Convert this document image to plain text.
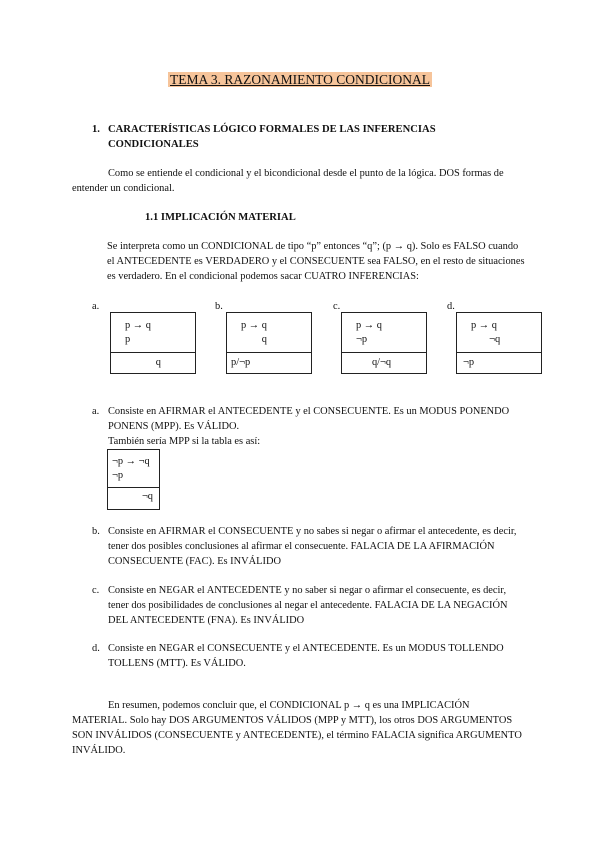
TEMA 3. RAZONAMIENTO CONDICIONAL
1. CARACTERÍSTICAS LÓGICO FORMALES DE LAS INFERENCIAS CONDICIONALES

Como se entiende el condicional y el bicondicional desde el punto de la lógica. DOS formas de entender un condicional.

1.1 IMPLICACIÓN MATERIAL

Se interpreta como un CONDICIONAL de tipo “p” entonces “q”; (p → q). Solo es FALSO cuando el ANTECEDENTE es VERDADERO y el CONSECUENTE sea FALSO, en el resto de situaciones es verdadero. En el condicional podemos sacar CUATRO INFERENCIAS:

a.
p → q
p
q
b.
p → q
q
p/¬p
c.
p → q
¬p
q/¬q
d.
p → q
¬q
¬p
a. Consiste en AFIRMAR el ANTECEDENTE y el CONSECUENTE. Es un MODUS PONENDO PONENS (MPP). Es VÁLIDO.
También sería MPP si la tabla es así:
¬p → ¬q
¬p
¬q
b. Consiste en AFIRMAR el CONSECUENTE y no sabes si negar o afirmar el antecedente, es decir, tener dos posibles conclusiones al afirmar el consecuente. FALACIA DE LA AFIRMACIÓN CONSECUENTE (FAC). Es INVÁLIDO
c. Consiste en NEGAR el ANTECEDENTE y no saber si negar o afirmar el consecuente, es decir, tener dos posibilidades de conclusiones al negar el antecedente. FALACIA DE LA NEGACIÓN DEL ANTECEDENTE (FNA). Es INVÁLIDO
d. Consiste en NEGAR el CONSECUENTE y el ANTECEDENTE. Es un MODUS TOLLENDO TOLLENS (MTT). Es VÁLIDO.

En resumen, podemos concluir que, el CONDICIONAL p → q es una IMPLICACIÓN MATERIAL. Solo hay DOS ARGUMENTOS VÁLIDOS (MPP y MTT), los otros DOS ARGUMENTOS SON INVÁLIDOS (CONSECUENTE y ANTECEDENTE), el término FALACIA significa ARGUMENTO INVÁLIDO.
